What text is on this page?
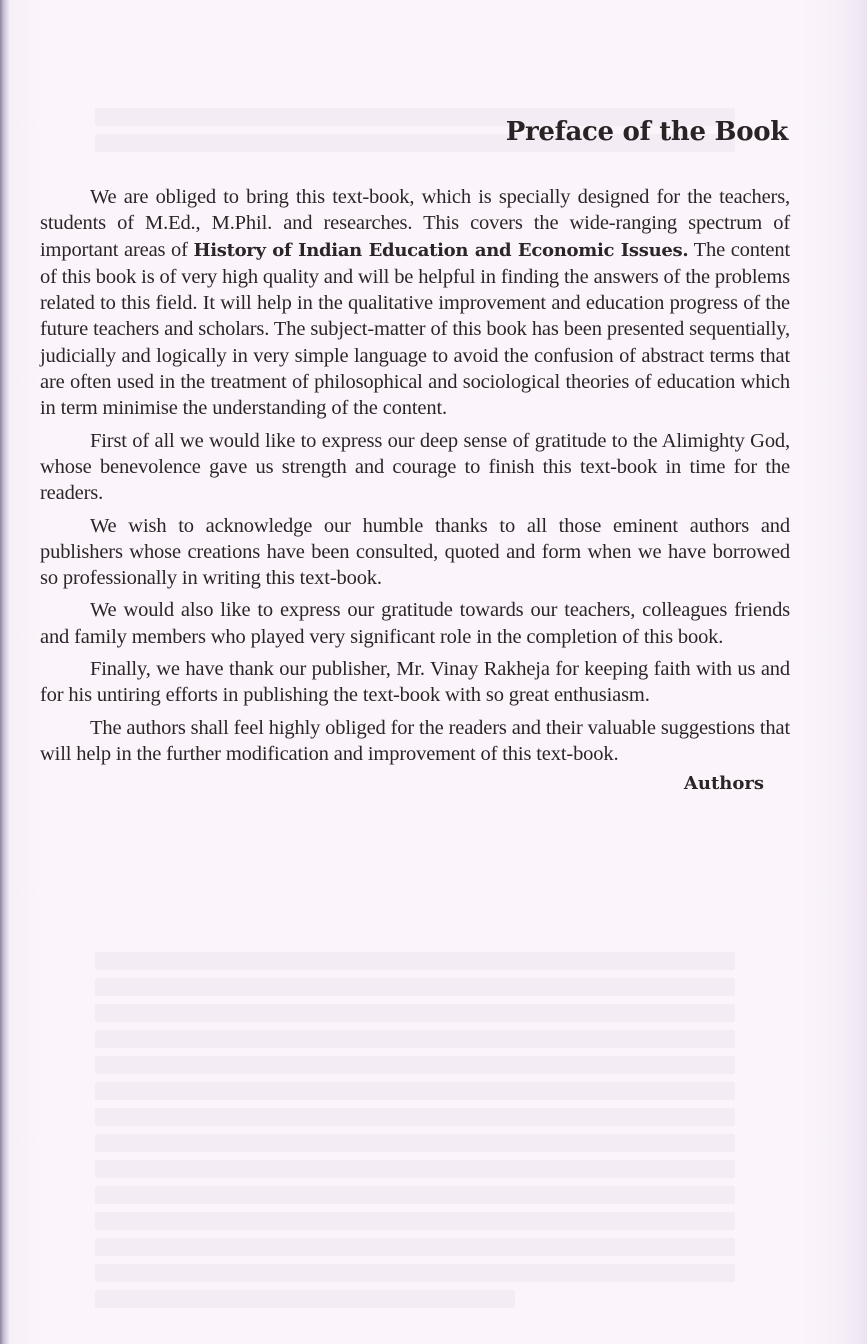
Preface of the Book

We are obliged to bring this text-book, which is specially designed for the teachers, students of M.Ed., M.Phil. and researches. This covers the wide-ranging spectrum of important areas of History of Indian Education and Economic Issues. The content of this book is of very high quality and will be helpful in finding the answers of the problems related to this field. It will help in the qualitative improvement and education progress of the future teachers and scholars. The subject-matter of this book has been presented sequentially, judicially and logically in very simple language to avoid the confusion of abstract terms that are often used in the treatment of philosophical and sociological theories of education which in term minimise the understanding of the content.

First of all we would like to express our deep sense of gratitude to the Alimighty God, whose benevolence gave us strength and courage to finish this text-book in time for the readers.

We wish to acknowledge our humble thanks to all those eminent authors and publishers whose creations have been consulted, quoted and form when we have borrowed so professionally in writing this text-book.

We would also like to express our gratitude towards our teachers, colleagues friends and family members who played very significant role in the completion of this book.

Finally, we have thank our publisher, Mr. Vinay Rakheja for keeping faith with us and for his untiring efforts in publishing the text-book with so great enthusiasm.

The authors shall feel highly obliged for the readers and their valuable suggestions that will help in the further modification and improvement of this text-book.

Authors
